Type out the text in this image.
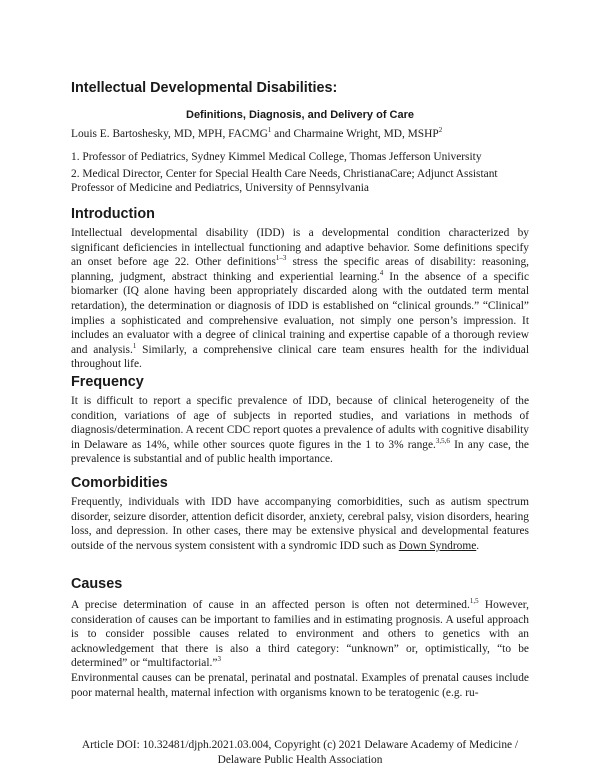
Intellectual Developmental Disabilities:
Definitions, Diagnosis, and Delivery of Care

Louis E. Bartoshesky, MD, MPH, FACMG$^1$ and Charmaine Wright, MD, MSHP$^2$

1. Professor of Pediatrics, Sydney Kimmel Medical College, Thomas Jefferson University

2. Medical Director, Center for Special Health Care Needs, ChristianaCare; Adjunct Assistant Professor of Medicine and Pediatrics, University of Pennsylvania

Introduction

Intellectual developmental disability (IDD) is a developmental condition characterized by significant deficiencies in intellectual functioning and adaptive behavior. Some definitions specify an onset before age 22. Other definitions$^{1-3}$ stress the specific areas of disability: reasoning, planning, judgment, abstract thinking and experiential learning.$^4$ In the absence of a specific biomarker (IQ alone having been appropriately discarded along with the outdated term mental retardation), the determination or diagnosis of IDD is established on “clinical grounds.” “Clinical” implies a sophisticated and comprehensive evaluation, not simply one person’s impression. It includes an evaluator with a degree of clinical training and expertise capable of a thorough review and analysis.$^1$ Similarly, a comprehensive clinical care team ensures health for the individual throughout life.

Frequency

It is difficult to report a specific prevalence of IDD, because of clinical heterogeneity of the condition, variations of age of subjects in reported studies, and variations in methods of diagnosis/determination. A recent CDC report quotes a prevalence of adults with cognitive disability in Delaware as 14%, while other sources quote figures in the 1 to 3% range.$^{3,5,6}$ In any case, the prevalence is substantial and of public health importance.

Comorbidities

Frequently, individuals with IDD have accompanying comorbidities, such as autism spectrum disorder, seizure disorder, attention deficit disorder, anxiety, cerebral palsy, vision disorders, hearing loss, and depression. In other cases, there may be extensive physical and developmental features outside of the nervous system consistent with a syndromic IDD such as Down Syndrome.

Causes

A precise determination of cause in an affected person is often not determined.$^{1,5}$ However, consideration of causes can be important to families and in estimating prognosis. A useful approach is to consider possible causes related to environment and others to genetics with an acknowledgement that there is also a third category: “unknown” or, optimistically, “to be determined” or “multifactorial.”$^3$

Environmental causes can be prenatal, perinatal and postnatal. Examples of prenatal causes include poor maternal health, maternal infection with organisms known to be teratogenic (e.g. ru-

Article DOI: 10.32481/djph.2021.03.004, Copyright (c) 2021 Delaware Academy of Medicine /
Delaware Public Health Association
